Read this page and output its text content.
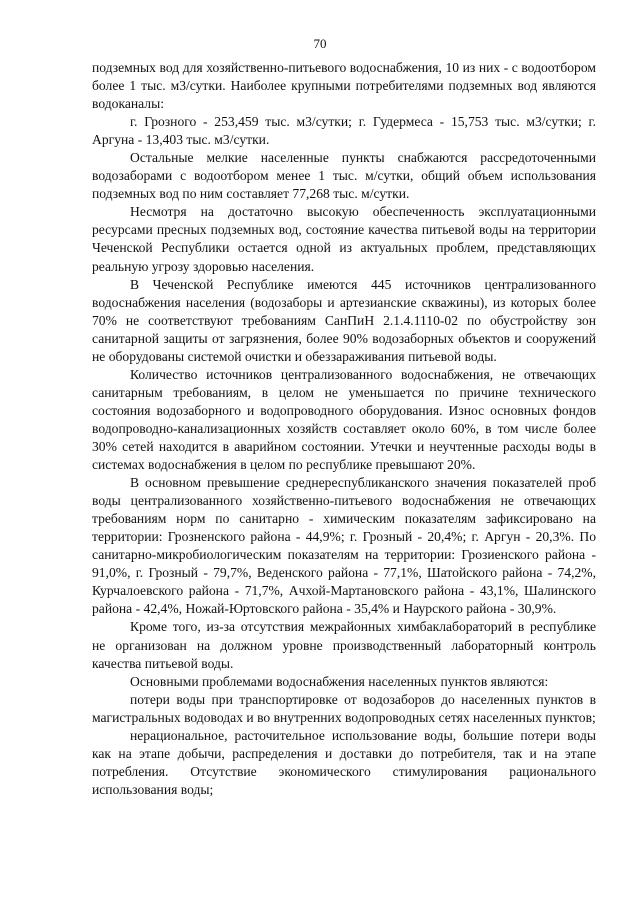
70

подземных вод для хозяйственно-питьевого водоснабжения, 10 из них - с водоотбором более 1 тыс. м3/сутки. Наиболее крупными потребителями подземных вод являются водоканалы:

г. Грозного - 253,459 тыс. м3/сутки; г. Гудермеса - 15,753 тыс. м3/сутки; г. Аргуна - 13,403 тыс. м3/сутки.

Остальные мелкие населенные пункты снабжаются рассредоточенными водозаборами с водоотбором менее 1 тыс. м/сутки, общий объем использования подземных вод по ним составляет 77,268 тыс. м/сутки.

Несмотря на достаточно высокую обеспеченность эксплуатационными ресурсами пресных подземных вод, состояние качества питьевой воды на территории Чеченской Республики остается одной из актуальных проблем, представляющих реальную угрозу здоровью населения.

В Чеченской Республике имеются 445 источников централизованного водоснабжения населения (водозаборы и артезианские скважины), из которых более 70% не соответствуют требованиям СанПиН 2.1.4.1110-02 по обустройству зон санитарной защиты от загрязнения, более 90% водозаборных объектов и сооружений не оборудованы системой очистки и обеззараживания питьевой воды.

Количество источников централизованного водоснабжения, не отвечающих санитарным требованиям, в целом не уменьшается по причине технического состояния водозаборного и водопроводного оборудования. Износ основных фондов водопроводно-канализационных хозяйств составляет около 60%, в том числе более 30% сетей находится в аварийном состоянии. Утечки и неучтенные расходы воды в системах водоснабжения в целом по республике превышают 20%.

В основном превышение среднереспубликанского значения показателей проб воды централизованного хозяйственно-питьевого водоснабжения не отвечающих требованиям норм по санитарно - химическим показателям зафиксировано на территории: Грозненского района - 44,9%; г. Грозный - 20,4%; г. Аргун - 20,3%. По санитарно-микробиологическим показателям на территории: Грозиенского района - 91,0%, г. Грозный - 79,7%, Веденского района - 77,1%, Шатойского района - 74,2%, Курчалоевского района - 71,7%, Ачхой-Мартановского района - 43,1%, Шалинского района - 42,4%, Ножай-Юртовского района - 35,4% и Наурского района - 30,9%.

Кроме того, из-за отсутствия межрайонных химбаклабораторий в республике не организован на должном уровне производственный лабораторный контроль качества питьевой воды.

Основными проблемами водоснабжения населенных пунктов являются:

потери воды при транспортировке от водозаборов до населенных пунктов в магистральных водоводах и во внутренних водопроводных сетях населенных пунктов;

нерациональное, расточительное использование воды, большие потери воды как на этапе добычи, распределения и доставки до потребителя, так и на этапе потребления. Отсутствие экономического стимулирования рационального использования воды;
